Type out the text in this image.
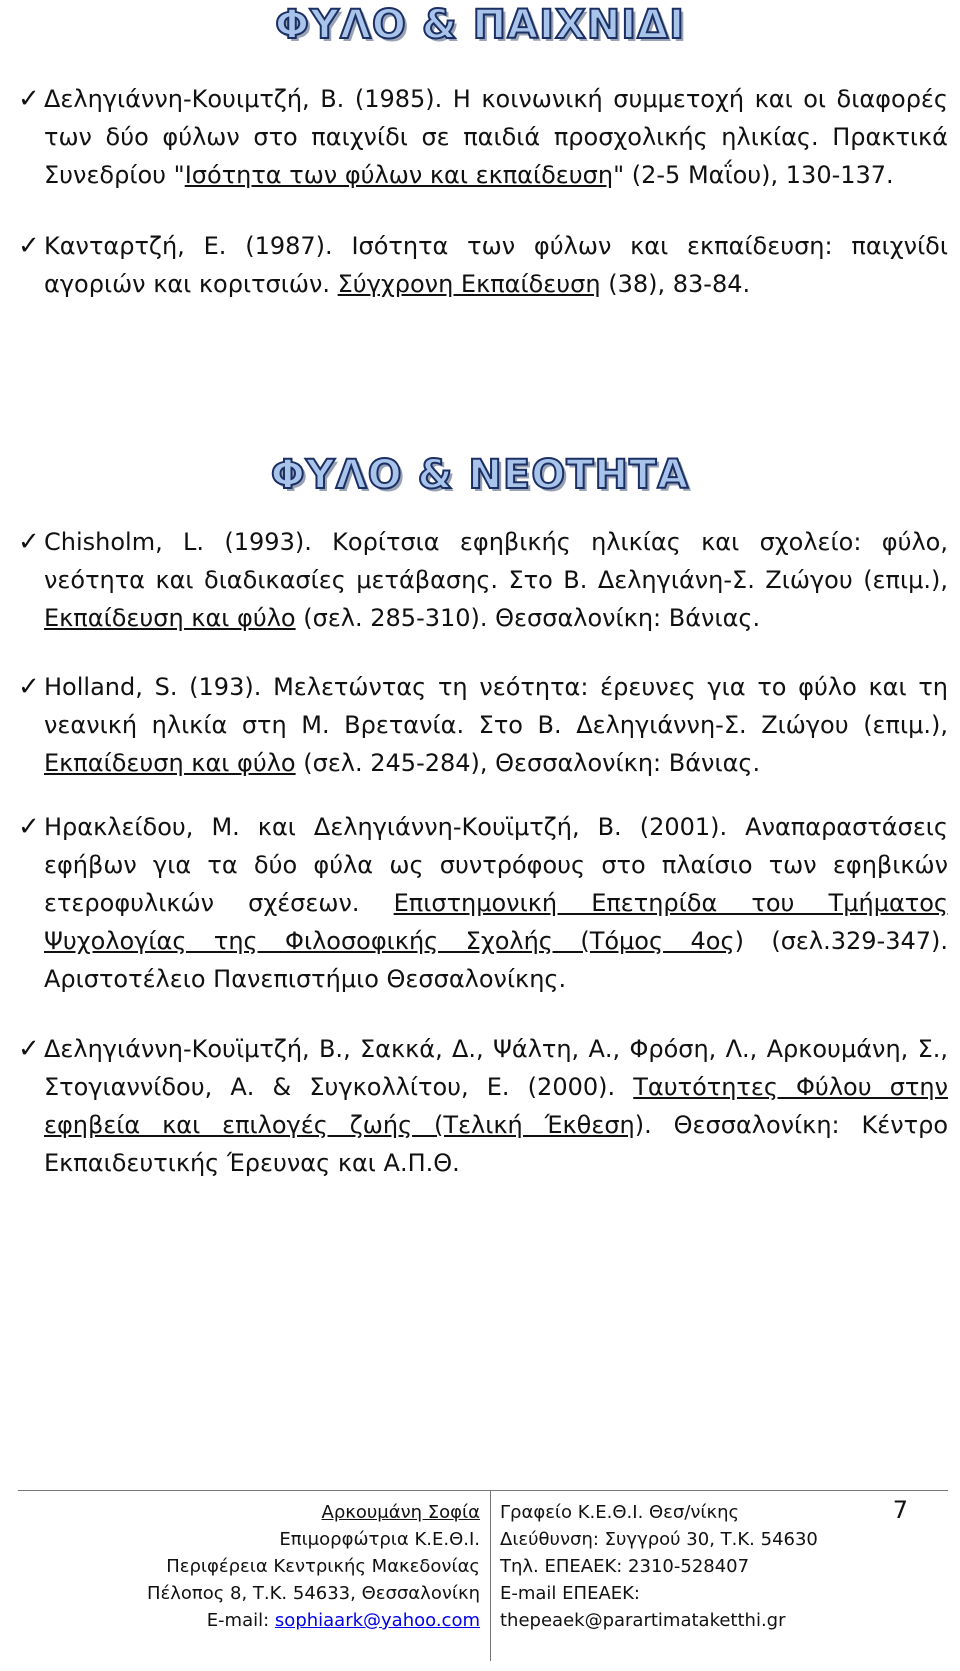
ΦΥΛΟ & ΠΑΙΧΝΙΔΙ
✓ Δεληγιάννη-Κουιμτζή, Β. (1985). Η κοινωνική συμμετοχή και οι διαφορές των δύο φύλων στο παιχνίδι σε παιδιά προσχολικής ηλικίας. Πρακτικά Συνεδρίου "Ισότητα των φύλων και εκπαίδευση" (2-5 Μαΐου), 130-137.
✓ Κανταρτζή, Ε. (1987). Ισότητα των φύλων και εκπαίδευση: παιχνίδι αγοριών και κοριτσιών. Σύγχρονη Εκπαίδευση (38), 83-84.
ΦΥΛΟ & ΝΕΟΤΗΤΑ
✓ Chisholm, L. (1993). Κορίτσια εφηβικής ηλικίας και σχολείο: φύλο, νεότητα και διαδικασίες μετάβασης. Στο Β. Δεληγιάνη-Σ. Ζιώγου (επιμ.), Εκπαίδευση και φύλο (σελ. 285-310). Θεσσαλονίκη: Βάνιας.
✓ Holland, S. (193). Μελετώντας τη νεότητα: έρευνες για το φύλο και τη νεανική ηλικία στη Μ. Βρετανία. Στο Β. Δεληγιάννη-Σ. Ζιώγου (επιμ.), Εκπαίδευση και φύλο (σελ. 245-284), Θεσσαλονίκη: Βάνιας.
✓ Ηρακλείδου, Μ. και Δεληγιάννη-Κουϊμτζή, Β. (2001). Αναπαραστάσεις εφήβων για τα δύο φύλα ως συντρόφους στο πλαίσιο των εφηβικών ετεροφυλικών σχέσεων. Επιστημονική Επετηρίδα του Τμήματος Ψυχολογίας της Φιλοσοφικής Σχολής (Τόμος 4ος) (σελ.329-347). Αριστοτέλειο Πανεπιστήμιο Θεσσαλονίκης.
✓ Δεληγιάννη-Κουϊμτζή, Β., Σακκά, Δ., Ψάλτη, Α., Φρόση, Λ., Αρκουμάνη, Σ., Στογιαννίδου, Α. & Συγκολλίτου, Ε. (2000). Ταυτότητες Φύλου στην εφηβεία και επιλογές ζωής (Τελική Έκθεση). Θεσσαλονίκη: Κέντρο Εκπαιδευτικής Έρευνας και Α.Π.Θ.
Αρκουμάνη Σοφία
Επιμορφώτρια Κ.Ε.Θ.Ι.
Περιφέρεια Κεντρικής Μακεδονίας
Πέλοπος 8, Τ.Κ. 54633, Θεσσαλονίκη
E-mail: sophiaark@yahoo.com
Γραφείο Κ.Ε.Θ.Ι. Θεσ/νίκης
Διεύθυνση: Συγγρού 30, Τ.Κ. 54630
Τηλ. ΕΠΕΑΕΚ: 2310-528407
E-mail ΕΠΕΑΕΚ:
thepeaek@parartimataketthi.gr
7
